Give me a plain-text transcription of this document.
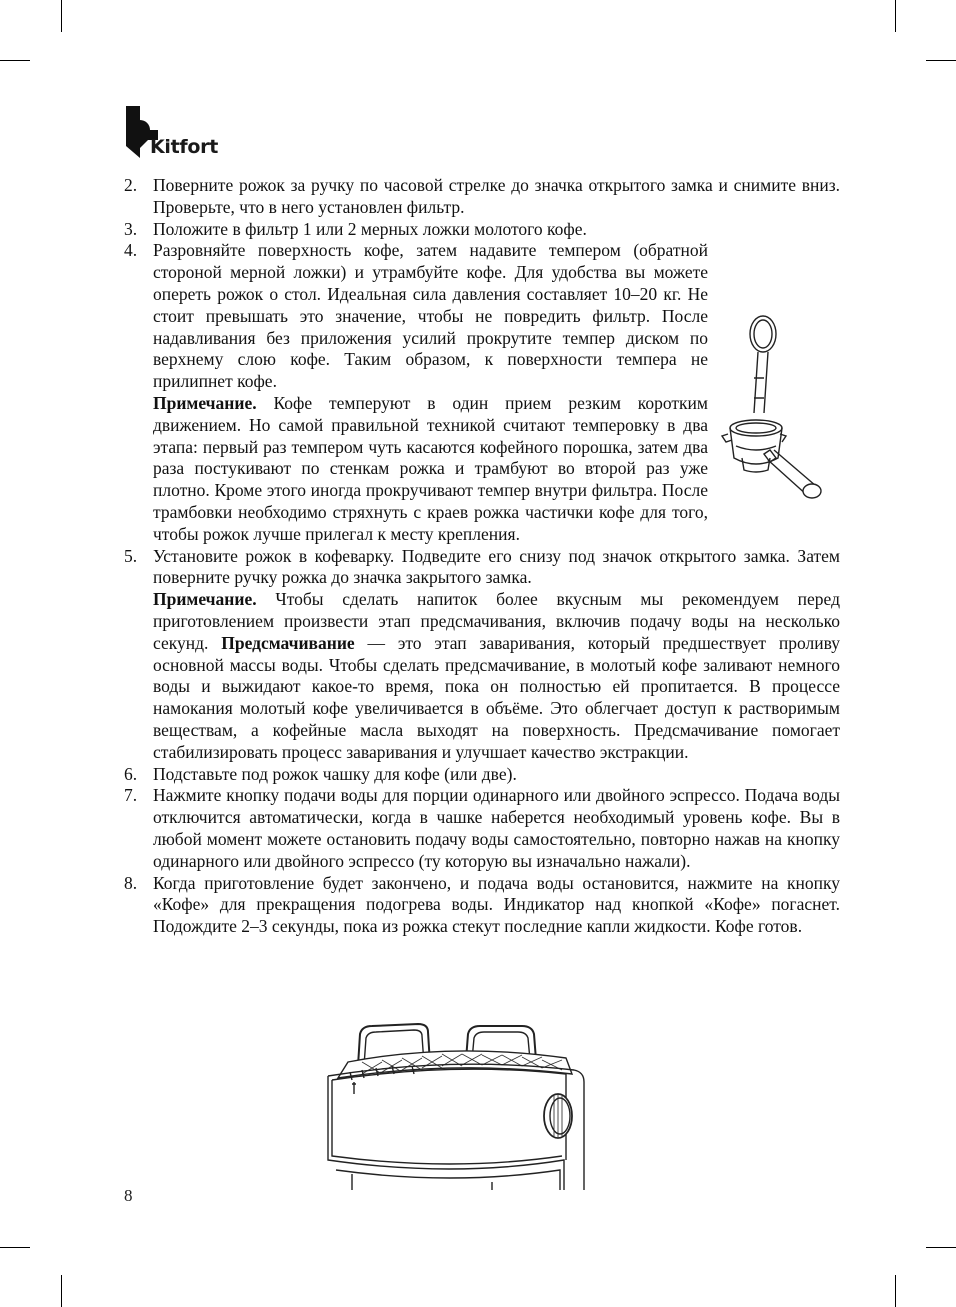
Kitfort
2. Поверните рожок за ручку по часовой стрелке до значка открытого замка и снимите вниз. Проверьте, что в него установлен фильтр.
3. Положите в фильтр 1 или 2 мерных ложки молотого кофе.
4. Разровняйте поверхность кофе, затем надавите темпером (обратной стороной мерной ложки) и утрамбуйте кофе. Для удобства вы можете опереть рожок о стол. Идеальная сила давления составляет 10–20 кг. Не стоит превышать это значение, чтобы не повредить фильтр. После надавливания без приложения усилий прокрутите темпер диском по верхнему слою кофе. Таким образом, к поверхности темпера не прилипнет кофе.
Примечание. Кофе темперуют в один прием резким коротким движением. Но самой правильной техникой считают темперовку в два этапа: первый раз темпером чуть касаются кофейного порошка, затем два раза постукивают по стенкам рожка и трамбуют во второй раз уже плотно. Кроме этого иногда прокручивают темпер внутри фильтра. После трамбовки необходимо стряхнуть с краев рожка частички кофе для того, чтобы рожок лучше прилегал к месту крепления.
5. Установите рожок в кофеварку. Подведите его снизу под значок открытого замка. Затем поверните ручку рожка до значка закрытого замка.
Примечание. Чтобы сделать напиток более вкусным мы рекомендуем перед приготовлением произвести этап предсмачивания, включив подачу воды на несколько секунд. Предсмачивание — это этап заваривания, который предшествует проливу основной массы воды. Чтобы сделать предсмачивание, в молотый кофе заливают немного воды и выжидают какое-то время, пока он полностью ей пропитается. В процессе намокания молотый кофе увеличивается в объёме. Это облегчает доступ к растворимым веществам, а кофейные масла выходят на поверхность. Предсмачивание помогает стабилизировать процесс заваривания и улучшает качество экстракции.
6. Подставьте под рожок чашку для кофе (или две).
7. Нажмите кнопку подачи воды для порции одинарного или двойного эспрессо. Подача воды отключится автоматически, когда в чашке наберется необходимый уровень кофе. Вы в любой момент можете остановить подачу воды самостоятельно, повторно нажав на кнопку одинарного или двойного эспрессо (ту которую вы изначально нажали).
8. Когда приготовление будет закончено, и подача воды остановится, нажмите на кнопку «Кофе» для прекращения подогрева воды. Индикатор над кнопкой «Кофе» погаснет. Подождите 2–3 секунды, пока из рожка стекут последние капли жидкости. Кофе готов.
8
